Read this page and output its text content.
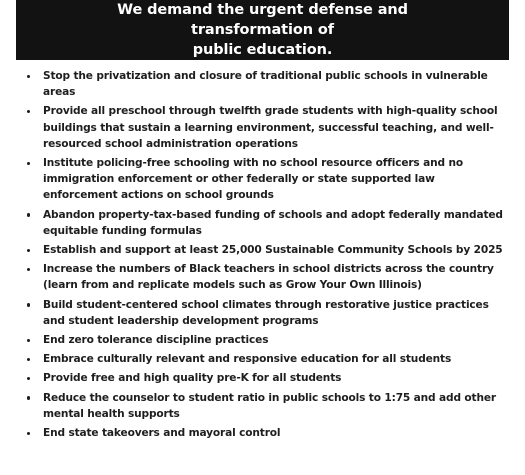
We demand the urgent defense and transformation of
public education.
Stop the privatization and closure of traditional public schools in vulnerable areas
Provide all preschool through twelfth grade students with high-quality school buildings that sustain a learning environment, successful teaching, and well-resourced school administration operations
Institute policing-free schooling with no school resource officers and no immigration enforcement or other federally or state supported law enforcement actions on school grounds
Abandon property-tax-based funding of schools and adopt federally mandated equitable funding formulas
Establish and support at least 25,000 Sustainable Community Schools by 2025
Increase the numbers of Black teachers in school districts across the country (learn from and replicate models such as Grow Your Own Illinois)
Build student-centered school climates through restorative justice practices and student leadership development programs
End zero tolerance discipline practices
Embrace culturally relevant and responsive education for all students
Provide free and high quality pre-K for all students
Reduce the counselor to student ratio in public schools to 1:75 and add other mental health supports
End state takeovers and mayoral control
